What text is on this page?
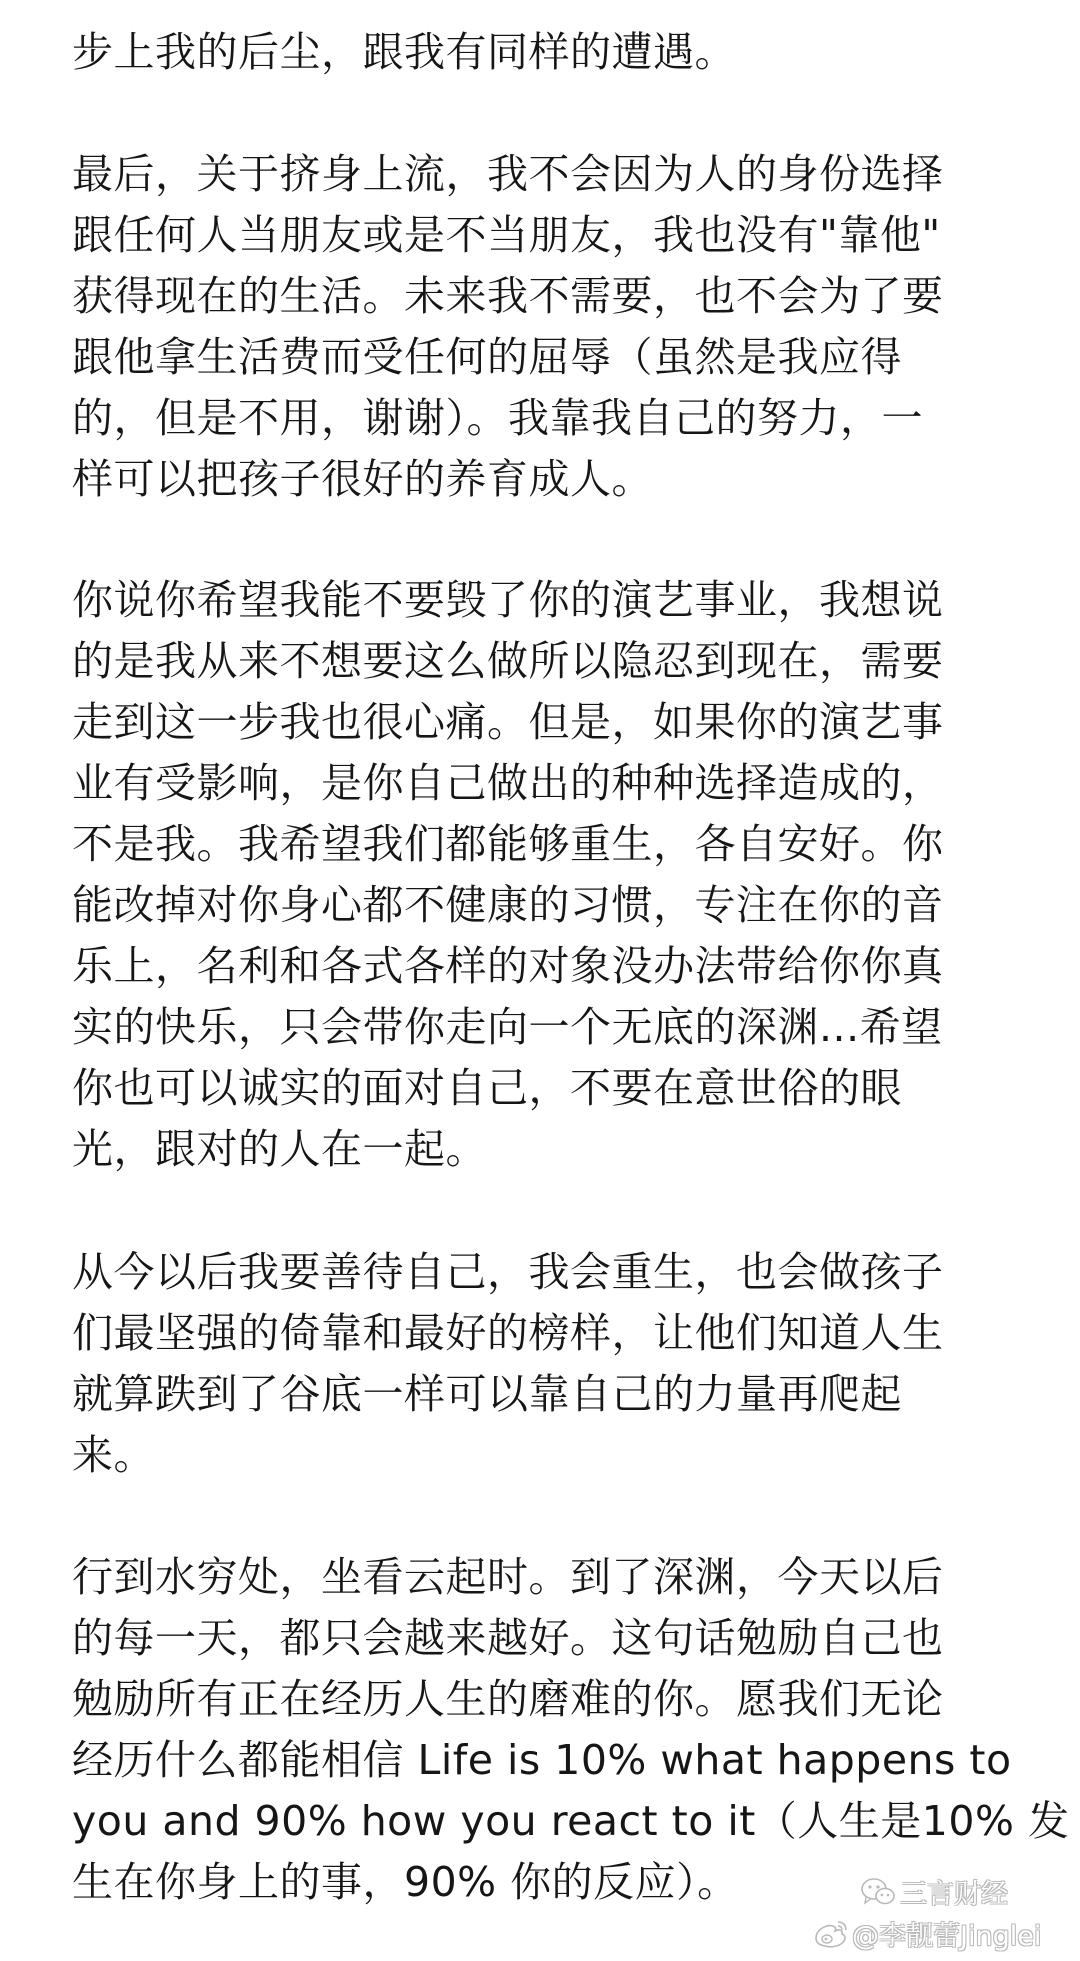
步上我的后尘，跟我有同样的遭遇。

最后，关于挤身上流，我不会因为人的身份选择
跟任何人当朋友或是不当朋友，我也没有"靠他"
获得现在的生活。未来我不需要，也不会为了要
跟他拿生活费而受任何的屈辱（虽然是我应得
的，但是不用，谢谢）。我靠我自己的努力，一
样可以把孩子很好的养育成人。

你说你希望我能不要毁了你的演艺事业，我想说
的是我从来不想要这么做所以隐忍到现在，需要
走到这一步我也很心痛。但是，如果你的演艺事
业有受影响，是你自己做出的种种选择造成的，
不是我。我希望我们都能够重生，各自安好。你
能改掉对你身心都不健康的习惯，专注在你的音
乐上，名利和各式各样的对象没办法带给你你真
实的快乐，只会带你走向一个无底的深渊...希望
你也可以诚实的面对自己，不要在意世俗的眼
光，跟对的人在一起。

从今以后我要善待自己，我会重生，也会做孩子
们最坚强的倚靠和最好的榜样，让他们知道人生
就算跌到了谷底一样可以靠自己的力量再爬起
来。

行到水穷处，坐看云起时。到了深渊，今天以后
的每一天，都只会越来越好。这句话勉励自己也
勉励所有正在经历人生的磨难的你。愿我们无论
经历什么都能相信 Life is 10% what happens to
you and 90% how you react to it（人生是10% 发
生在你身上的事，90% 你的反应）。	三言财经
@李靓蕾Jinglei
